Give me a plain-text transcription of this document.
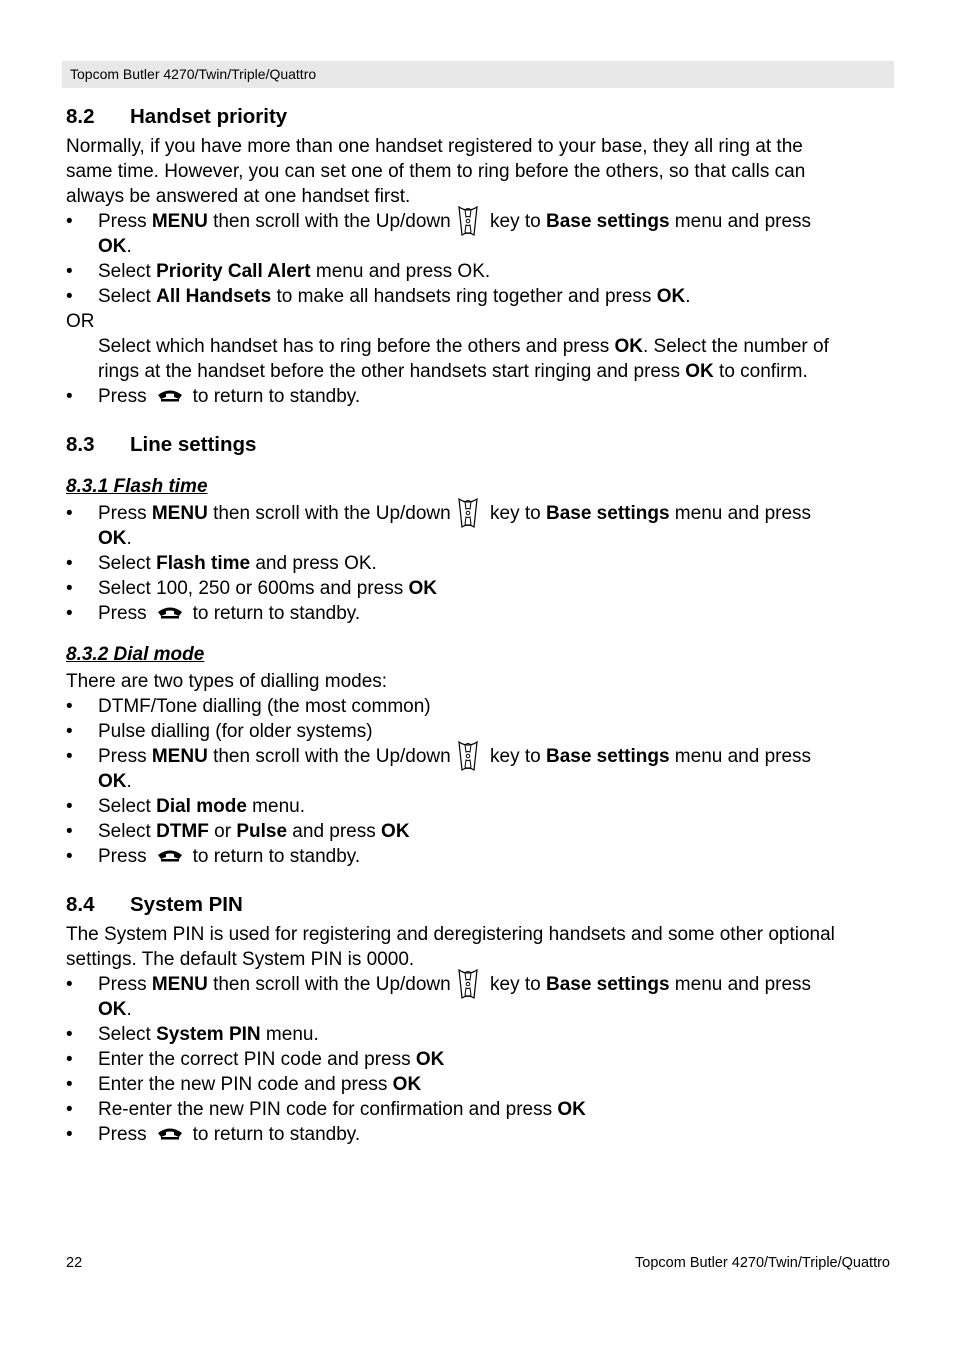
Topcom Butler 4270/Twin/Triple/Quattro
8.2 Handset priority
Normally, if you have more than one handset registered to your base, they all ring at the
same time. However, you can set one of them to ring before the others, so that calls can
always be answered at one handset first.
• Press MENU then scroll with the Up/down key to Base settings menu and press
OK.
• Select Priority Call Alert menu and press OK.
• Select All Handsets to make all handsets ring together and press OK.
OR
Select which handset has to ring before the others and press OK. Select the number of
rings at the handset before the other handsets start ringing and press OK to confirm.
• Press to return to standby.
8.3 Line settings
8.3.1 Flash time
• Press MENU then scroll with the Up/down key to Base settings menu and press
OK.
• Select Flash time and press OK.
• Select 100, 250 or 600ms and press OK
• Press to return to standby.
8.3.2 Dial mode
There are two types of dialling modes:
• DTMF/Tone dialling (the most common)
• Pulse dialling (for older systems)
• Press MENU then scroll with the Up/down key to Base settings menu and press
OK.
• Select Dial mode menu.
• Select DTMF or Pulse and press OK
• Press to return to standby.
8.4 System PIN
The System PIN is used for registering and deregistering handsets and some other optional
settings. The default System PIN is 0000.
• Press MENU then scroll with the Up/down key to Base settings menu and press
OK.
• Select System PIN menu.
• Enter the correct PIN code and press OK
• Enter the new PIN code and press OK
• Re-enter the new PIN code for confirmation and press OK
• Press to return to standby.
22	Topcom Butler 4270/Twin/Triple/Quattro
